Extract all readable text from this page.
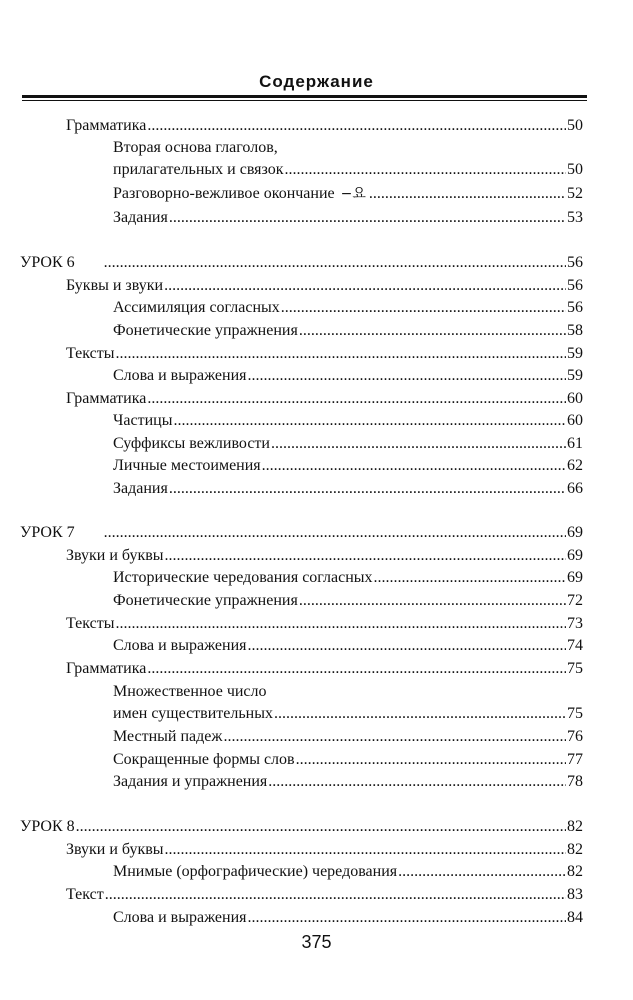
Содержание
Грамматика .....	50
Вторая основа глаголов,
прилагательных и связок .....	50
Разговорно-вежливое окончание −요 .....	52
Задания .....	53
УРОК 6 .....	56
Буквы и звуки .....	56
Ассимиляция согласных .....	56
Фонетические упражнения .....	58
Тексты .....	59
Слова и выражения .....	59
Грамматика .....	60
Частицы .....	60
Суффиксы вежливости .....	61
Личные местоимения .....	62
Задания .....	66
УРОК 7 .....	69
Звуки и буквы .....	69
Исторические чередования согласных .....	69
Фонетические упражнения .....	72
Тексты .....	73
Слова и выражения .....	74
Грамматика .....	75
Множественное число
имен существительных .....	75
Местный падеж .....	76
Сокращенные формы слов .....	77
Задания и упражнения .....	78
УРОК 8 .....	82
Звуки и буквы .....	82
Мнимые (орфографические) чередования .....	82
Текст .....	83
Слова и выражения .....	84
375
